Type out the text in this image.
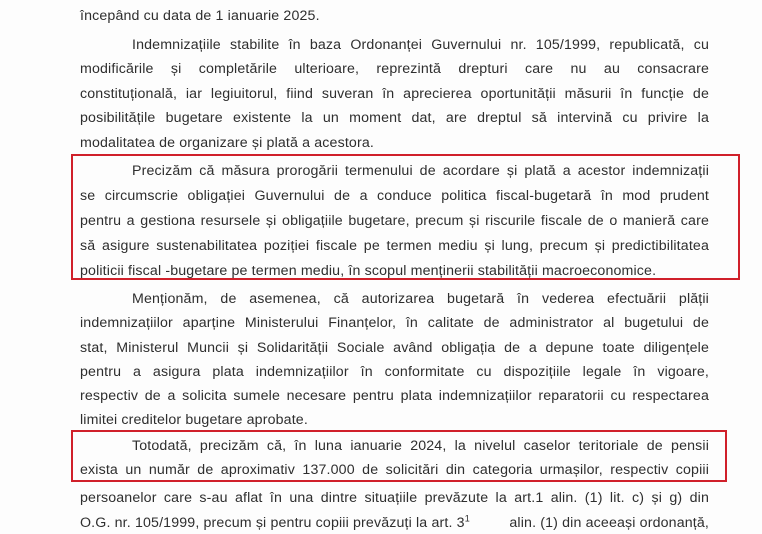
începând cu data de 1 ianuarie 2025.
Indemnizațiile stabilite în baza Ordonanței Guvernului nr. 105/1999, republicată, cu
modificările și completările ulterioare, reprezintă drepturi care nu au consacrare
constituțională, iar legiuitorul, fiind suveran în aprecierea oportunității măsurii în funcție de
posibilitățile bugetare existente la un moment dat, are dreptul să intervină cu privire la
modalitatea de organizare și plată a acestora.
Precizăm că măsura prorogării termenului de acordare și plată a acestor indemnizații
se circumscrie obligației Guvernului de a conduce politica fiscal-bugetară în mod prudent
pentru a gestiona resursele și obligațiile bugetare, precum și riscurile fiscale de o manieră care
să asigure sustenabilitatea poziției fiscale pe termen mediu și lung, precum și predictibilitatea
politicii fiscal -bugetare pe termen mediu, în scopul menținerii stabilității macroeconomice.
Menționăm, de asemenea, că autorizarea bugetară în vederea efectuării plății
indemnizațiilor aparține Ministerului Finanțelor, în calitate de administrator al bugetului de
stat, Ministerul Muncii și Solidarității Sociale având obligația de a depune toate diligențele
pentru a asigura plata indemnizațiilor în conformitate cu dispozițiile legale în vigoare,
respectiv de a solicita sumele necesare pentru plata indemnizațiilor reparatorii cu respectarea
limitei creditelor bugetare aprobate.
Totodată, precizăm că, în luna ianuarie 2024, la nivelul caselor teritoriale de pensii
exista un număr de aproximativ 137.000 de solicitări din categoria urmașilor, respectiv copiii
persoanelor care s-au aflat în una dintre situațiile prevăzute la art.1 alin. (1) lit. c) și g) din
O.G. nr. 105/1999, precum și pentru copiii prevăzuți la art. $3^1$	alin. (1) din aceeași ordonanță,
